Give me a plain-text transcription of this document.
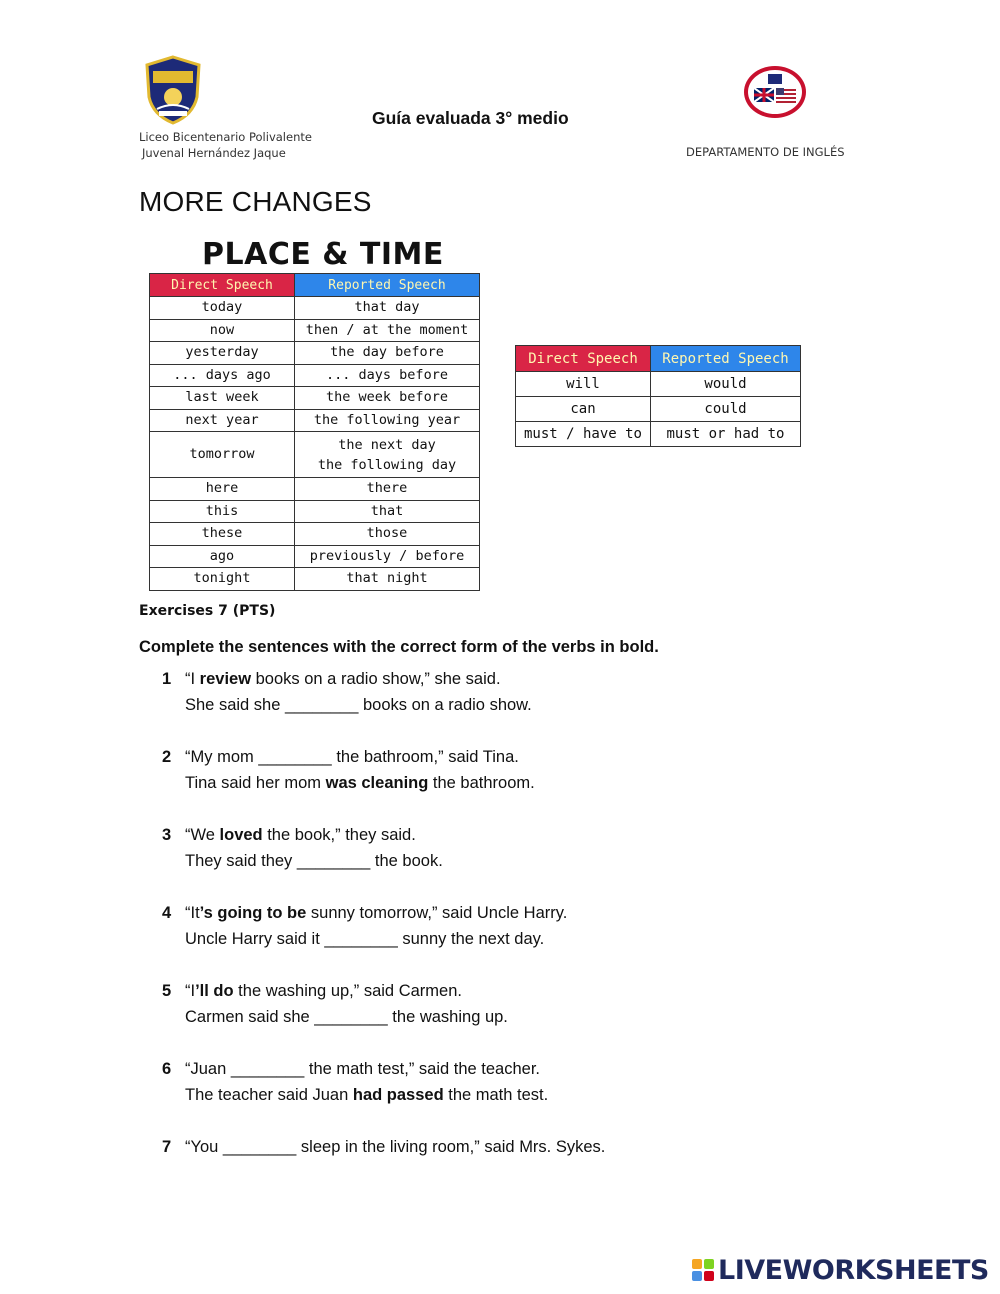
Liceo Bicentenario Polivalente
Juvenal Hernández Jaque
Guía evaluada 3° medio
DEPARTAMENTO DE INGLÉS
MORE CHANGES
PLACE & TIME
Direct Speech	Reported Speech
today	that day
now	then / at the moment
yesterday	the day before
... days ago	... days before
last week	the week before
next year	the following year
tomorrow	the next day
the following day

here	there
this	that
these	those
ago	previously / before
tonight	that night
Direct Speech	Reported Speech
will	would
can	could
must / have to	must or had to
Exercises 7 (PTS)
Complete the sentences with the correct form of the verbs in bold.
1 “I review books on a radio show,” she said.
She said she ________ books on a radio show.
2 “My mom ________ the bathroom,” said Tina.
Tina said her mom was cleaning the bathroom.
3 “We loved the book,” they said.
They said they ________ the book.
4 “It’s going to be sunny tomorrow,” said Uncle Harry.
Uncle Harry said it ________ sunny the next day.
5 “I’ll do the washing up,” said Carmen.
Carmen said she ________ the washing up.
6 “Juan ________ the math test,” said the teacher.
The teacher said Juan had passed the math test.
7 “You ________ sleep in the living room,” said Mrs. Sykes.
LIVEWORKSHEETS
